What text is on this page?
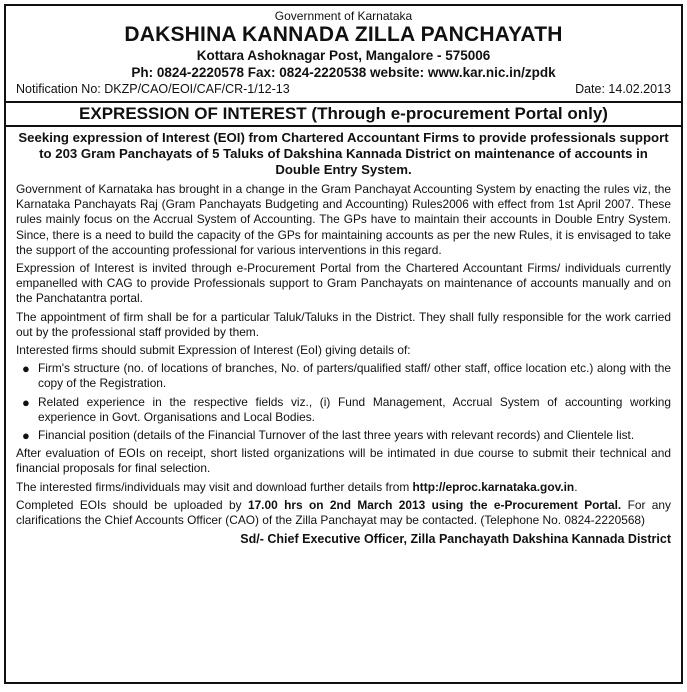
Government of Karnataka
DAKSHINA KANNADA ZILLA PANCHAYATH
Kottara Ashoknagar Post, Mangalore - 575006
Ph: 0824-2220578 Fax: 0824-2220538 website: www.kar.nic.in/zpdk
Notification No: DKZP/CAO/EOI/CAF/CR-1/12-13	Date: 14.02.2013
EXPRESSION OF INTEREST (Through e-procurement Portal only)
Seeking expression of Interest (EOI) from Chartered Accountant Firms to provide professionals support to 203 Gram Panchayats of 5 Taluks of Dakshina Kannada District on maintenance of accounts in Double Entry System.

Government of Karnataka has brought in a change in the Gram Panchayat Accounting System by enacting the rules viz, the Karnataka Panchayats Raj (Gram Panchayats Budgeting and Accounting) Rules2006 with effect from 1st April 2007. These rules mainly focus on the Accrual System of Accounting. The GPs have to maintain their accounts in Double Entry System. Since, there is a need to build the capacity of the GPs for maintaining accounts as per the new Rules, it is envisaged to take the support of the accounting professional for various interventions in this regard.

Expression of Interest is invited through e-Procurement Portal from the Chartered Accountant Firms/ individuals currently empanelled with CAG to provide Professionals support to Gram Panchayats on maintenance of accounts manually and on the Panchatantra portal.

The appointment of firm shall be for a particular Taluk/Taluks in the District. They shall fully responsible for the work carried out by the professional staff provided by them.

Interested firms should submit Expression of Interest (EoI) giving details of:

● Firm's structure (no. of locations of branches, No. of parters/qualified staff/ other staff, office location etc.) along with the copy of the Registration.
● Related experience in the respective fields viz., (i) Fund Management, Accrual System of accounting working experience in Govt. Organisations and Local Bodies.
● Financial position (details of the Financial Turnover of the last three years with relevant records) and Clientele list.

After evaluation of EOIs on receipt, short listed organizations will be intimated in due course to submit their technical and financial proposals for final selection.

The interested firms/individuals may visit and download further details from http://eproc.karnataka.gov.in.

Completed EOIs should be uploaded by 17.00 hrs on 2nd March 2013 using the e-Procurement Portal. For any clarifications the Chief Accounts Officer (CAO) of the Zilla Panchayat may be contacted. (Telephone No. 0824-2220568)

Sd/- Chief Executive Officer, Zilla Panchayath Dakshina Kannada District
